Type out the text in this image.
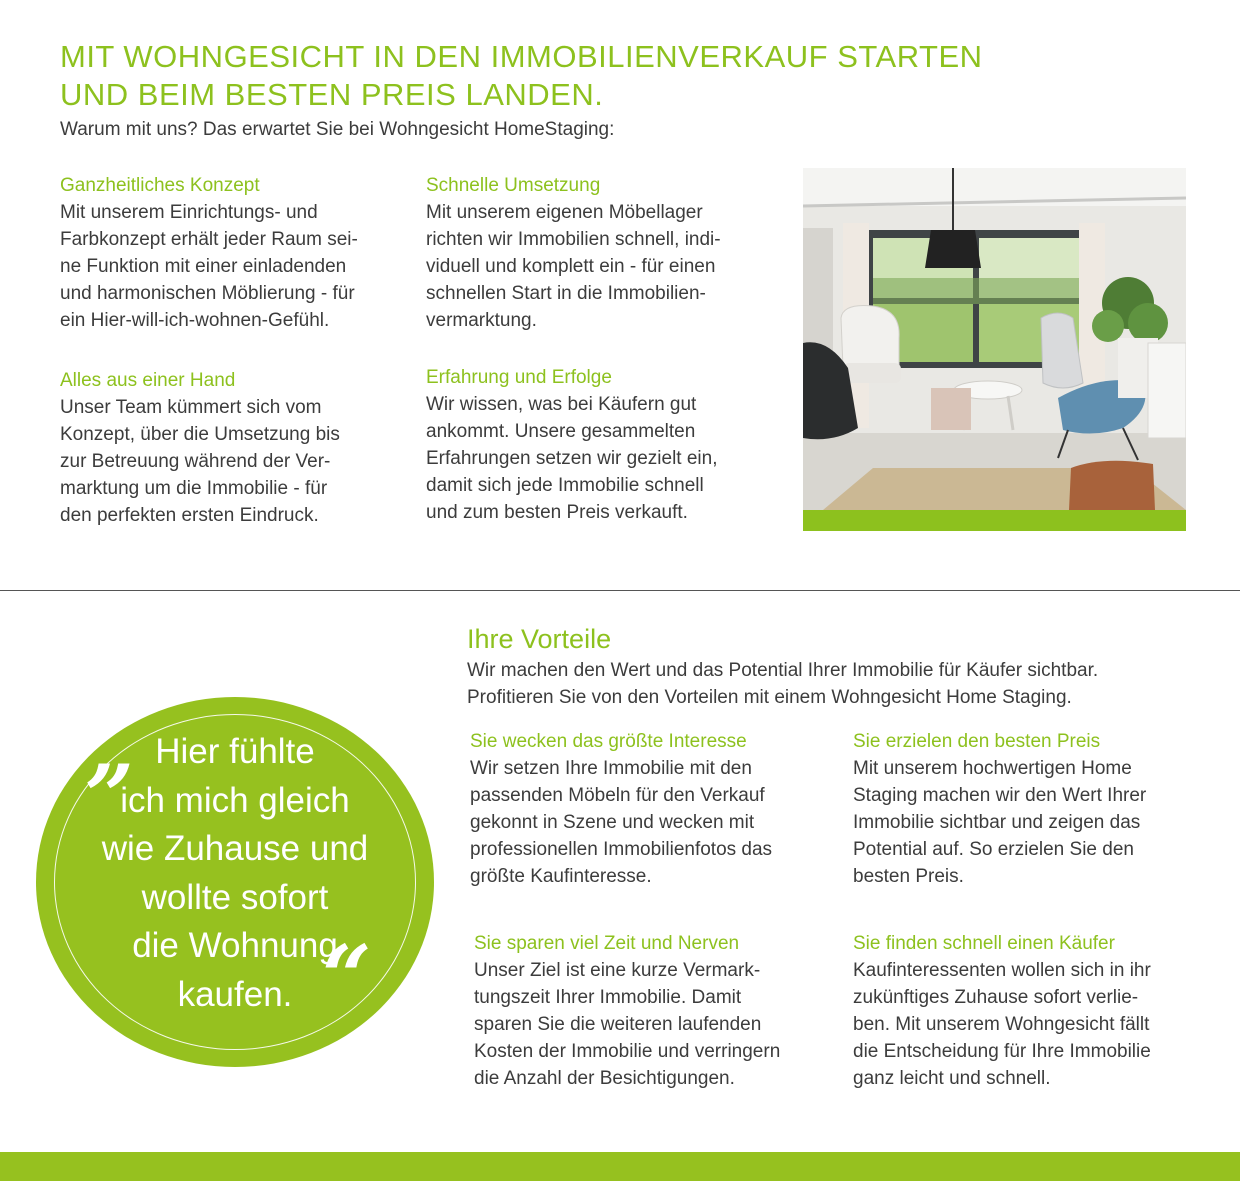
MIT WOHNGESICHT IN DEN IMMOBILIENVERKAUF STARTEN
UND BEIM BESTEN PREIS LANDEN.
Warum mit uns? Das erwartet Sie bei Wohngesicht HomeStaging:
Ganzheitliches Konzept
Mit unserem Einrichtungs- und
Farbkonzept erhält jeder Raum sei-
ne Funktion mit einer einladenden
und harmonischen Möblierung - für
ein Hier-will-ich-wohnen-Gefühl.
Schnelle Umsetzung
Mit unserem eigenen Möbellager
richten wir Immobilien schnell, indi-
viduell und komplett ein - für einen
schnellen Start in die Immobilien-
vermarktung.
Alles aus einer Hand
Unser Team kümmert sich vom
Konzept, über die Umsetzung bis
zur Betreuung während der Ver-
marktung um die Immobilie - für
den perfekten ersten Eindruck.
Erfahrung und Erfolge
Wir wissen, was bei Käufern gut
ankommt. Unsere gesammelten
Erfahrungen setzen wir gezielt ein,
damit sich jede Immobilie schnell
und zum besten Preis verkauft.
Ihre Vorteile
Wir machen den Wert und das Potential Ihrer Immobilie für Käufer sichtbar.
Profitieren Sie von den Vorteilen mit einem Wohngesicht Home Staging.
Sie wecken das größte Interesse
Wir setzen Ihre Immobilie mit den
passenden Möbeln für den Verkauf
gekonnt in Szene und wecken mit
professionellen Immobilienfotos das
größte Kaufinteresse.
Sie erzielen den besten Preis
Mit unserem hochwertigen Home
Staging machen wir den Wert Ihrer
Immobilie sichtbar und zeigen das
Potential auf. So erzielen Sie den
besten Preis.
Sie sparen viel Zeit und Nerven
Unser Ziel ist eine kurze Vermark-
tungszeit Ihrer Immobilie. Damit
sparen Sie die weiteren laufenden
Kosten der Immobilie und verringern
die Anzahl der Besichtigungen.
Sie finden schnell einen Käufer
Kaufinteressenten wollen sich in ihr
zukünftiges Zuhause sofort verlie-
ben. Mit unserem Wohngesicht fällt
die Entscheidung für Ihre Immobilie
ganz leicht und schnell.
„ Hier fühlte
ich mich gleich
wie Zuhause und
wollte sofort
die Wohnung
kaufen. “
